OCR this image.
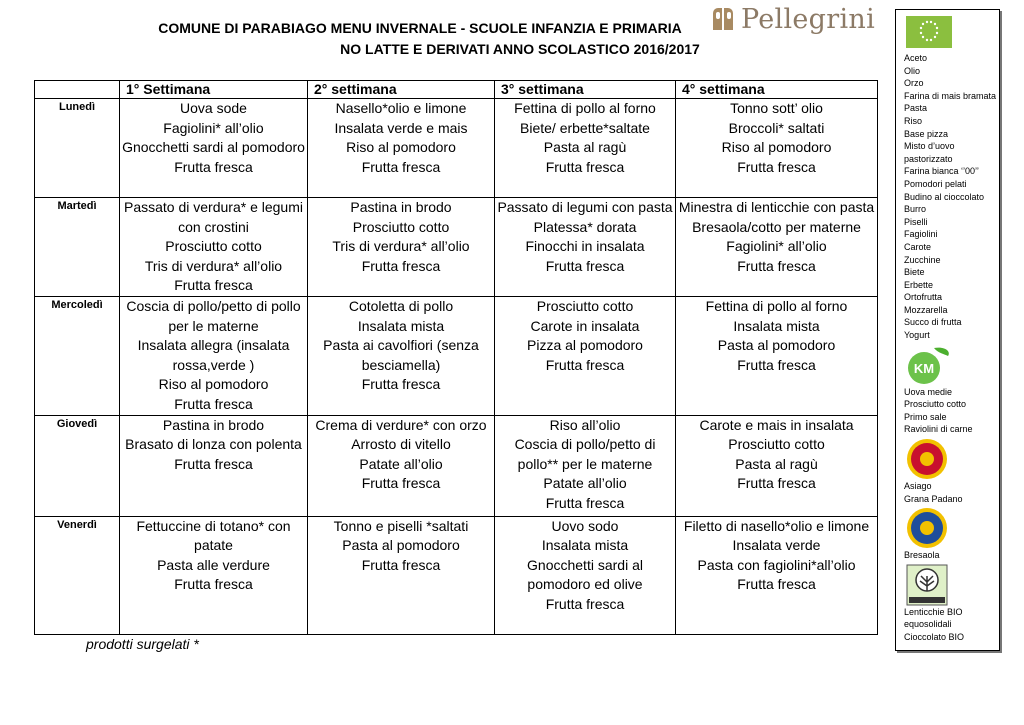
COMUNE DI PARABIAGO MENU INVERNALE - SCUOLE INFANZIA E PRIMARIA
NO LATTE E DERIVATI ANNO SCOLASTICO 2016/2017
Pellegrini
	1° Settimana	2° settimana	3° settimana	4° settimana
Lunedì	Uova sode
Fagiolini* all’olio
Gnocchetti sardi al pomodoro
Frutta fresca	Nasello*olio e limone
Insalata verde e mais
Riso al pomodoro
Frutta fresca	Fettina di pollo al forno
Biete/ erbette*saltate
Pasta al ragù
Frutta fresca	Tonno sott’ olio
Broccoli* saltati
Riso al pomodoro
Frutta fresca

Martedì	Passato di verdura* e legumi con crostini
Prosciutto cotto
Tris di verdura* all’olio
Frutta fresca	Pastina in brodo
Prosciutto cotto
Tris di verdura* all’olio
Frutta fresca	Passato di legumi con pasta
Platessa* dorata
Finocchi in insalata
Frutta fresca	Minestra di lenticchie con pasta
Bresaola/cotto per materne
Fagiolini* all’olio
Frutta fresca

Mercoledì	Coscia di pollo/petto di pollo per le materne
Insalata allegra (insalata rossa,verde )
Riso al pomodoro
Frutta fresca	Cotoletta di pollo
Insalata mista
Pasta ai cavolfiori (senza besciamella)
Frutta fresca	Prosciutto cotto
Carote in insalata
Pizza al pomodoro
Frutta fresca	Fettina di pollo al forno
Insalata mista
Pasta al pomodoro
Frutta fresca

Giovedì	Pastina in brodo
Brasato di lonza con polenta
Frutta fresca	Crema di verdure* con orzo
Arrosto di vitello
Patate all’olio
Frutta fresca	Riso all’olio
Coscia di pollo/petto di pollo** per le materne
Patate all’olio
Frutta fresca	Carote e mais in insalata
Prosciutto cotto
Pasta al ragù
Frutta fresca

Venerdì	Fettuccine di totano* con patate
Pasta alle verdure
Frutta fresca	Tonno e piselli *saltati
Pasta al pomodoro
Frutta fresca	Uovo sodo
Insalata mista
Gnocchetti sardi al pomodoro ed olive
Frutta fresca	Filetto di nasello*olio e limone
Insalata verde
Pasta con fagiolini*all’olio
Frutta fresca
prodotti surgelati *
Aceto
Olio
Orzo
Farina di mais bramata
Pasta
Riso
Base pizza
Misto d’uovo pastorizzato
Farina bianca ‘’00’’
Pomodori pelati
Budino al cioccolato
Burro
Piselli
Fagiolini
Carote
Zucchine
Biete
Erbette
Ortofrutta
Mozzarella
Succo di frutta
Yogurt
KM
Uova medie
Prosciutto cotto
Primo sale
Raviolini di carne
Asiago
Grana Padano
Bresaola
Lenticchie BIO equosolidali
Cioccolato BIO
